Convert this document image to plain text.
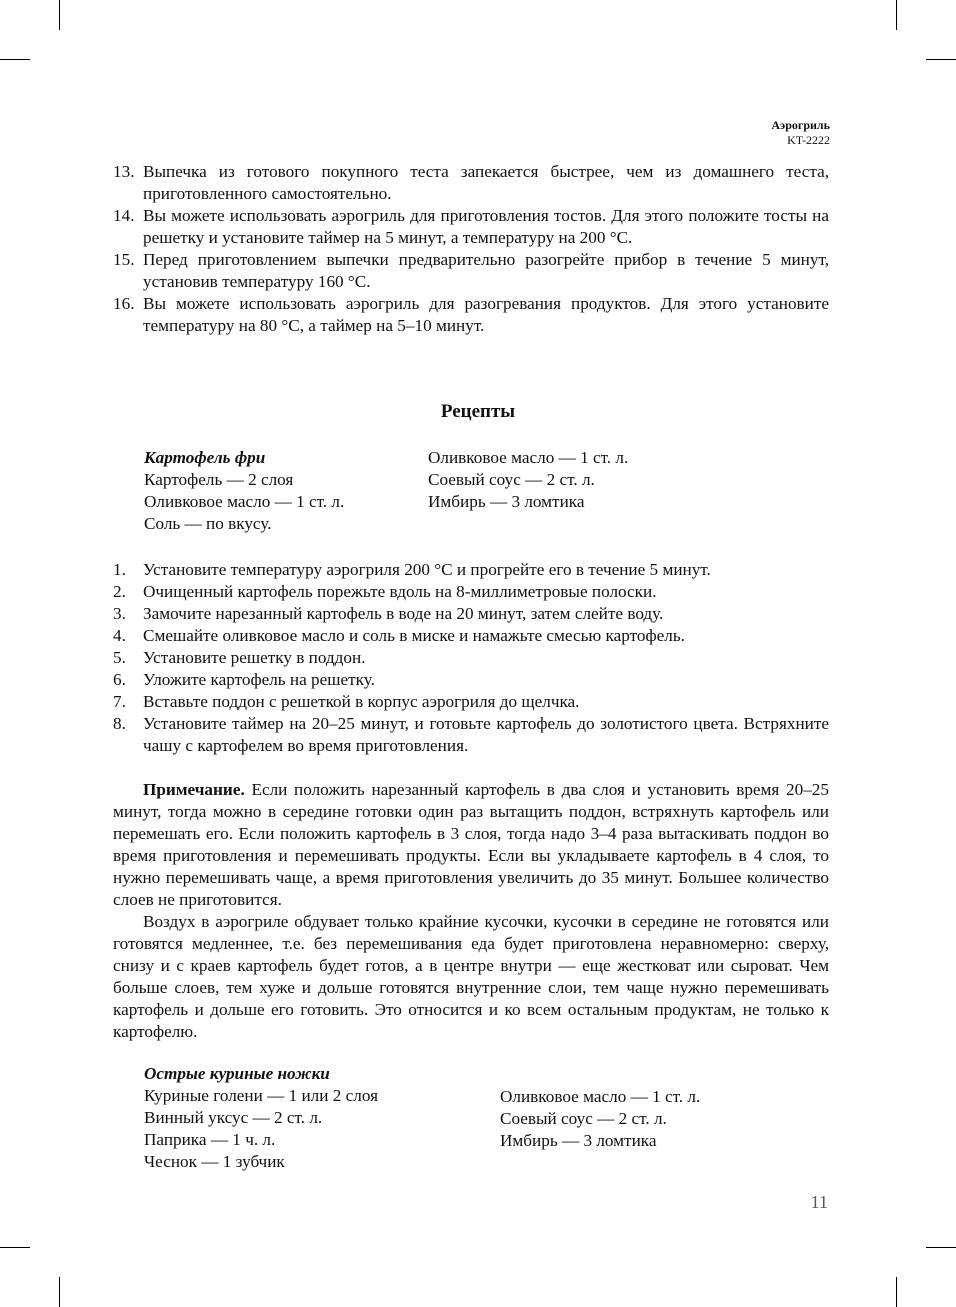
Аэрогриль
KT-2222
13. Выпечка из готового покупного теста запекается быстрее, чем из домашнего теста, приготовленного самостоятельно.
14. Вы можете использовать аэрогриль для приготовления тостов. Для этого положите тосты на решетку и установите таймер на 5 минут, а температуру на 200 °С.
15. Перед приготовлением выпечки предварительно разогрейте прибор в течение 5 минут, установив температуру 160 °С.
16. Вы можете использовать аэрогриль для разогревания продуктов. Для этого установите температуру на 80 °С, а таймер на 5–10 минут.
Рецепты
Картофель фри
Картофель — 2 слоя
Оливковое масло — 1 ст. л.
Соль — по вкусу.
Оливковое масло — 1 ст. л.
Соевый соус — 2 ст. л.
Имбирь — 3 ломтика
1. Установите температуру аэрогриля 200 °С и прогрейте его в течение 5 минут.
2. Очищенный картофель порежьте вдоль на 8-миллиметровые полоски.
3. Замочите нарезанный картофель в воде на 20 минут, затем слейте воду.
4. Смешайте оливковое масло и соль в миске и намажьте смесью картофель.
5. Установите решетку в поддон.
6. Уложите картофель на решетку.
7. Вставьте поддон с решеткой в корпус аэрогриля до щелчка.
8. Установите таймер на 20–25 минут, и готовьте картофель до золотистого цвета. Встряхните чашу с картофелем во время приготовления.

Примечание. Если положить нарезанный картофель в два слоя и установить время 20–25 минут, тогда можно в середине готовки один раз вытащить поддон, встряхнуть картофель или перемешать его. Если положить картофель в 3 слоя, тогда надо 3–4 раза вытаскивать поддон во время приготовления и перемешивать продукты. Если вы укладываете картофель в 4 слоя, то нужно перемешивать чаще, а время приготовления увеличить до 35 минут. Большее количество слоев не приготовится.

Воздух в аэрогриле обдувает только крайние кусочки, кусочки в середине не готовятся или готовятся медленнее, т.е. без перемешивания еда будет приготовлена неравномерно: сверху, снизу и с краев картофель будет готов, а в центре внутри — еще жестковат или сыроват. Чем больше слоев, тем хуже и дольше готовятся внутренние слои, тем чаще нужно перемешивать картофель и дольше его готовить. Это относится и ко всем остальным продуктам, не только к картофелю.

Острые куриные ножки
Куриные голени — 1 или 2 слоя
Винный уксус — 2 ст. л.
Паприка — 1 ч. л.
Чеснок — 1 зубчик
Оливковое масло — 1 ст. л.
Соевый соус — 2 ст. л.
Имбирь — 3 ломтика
11
